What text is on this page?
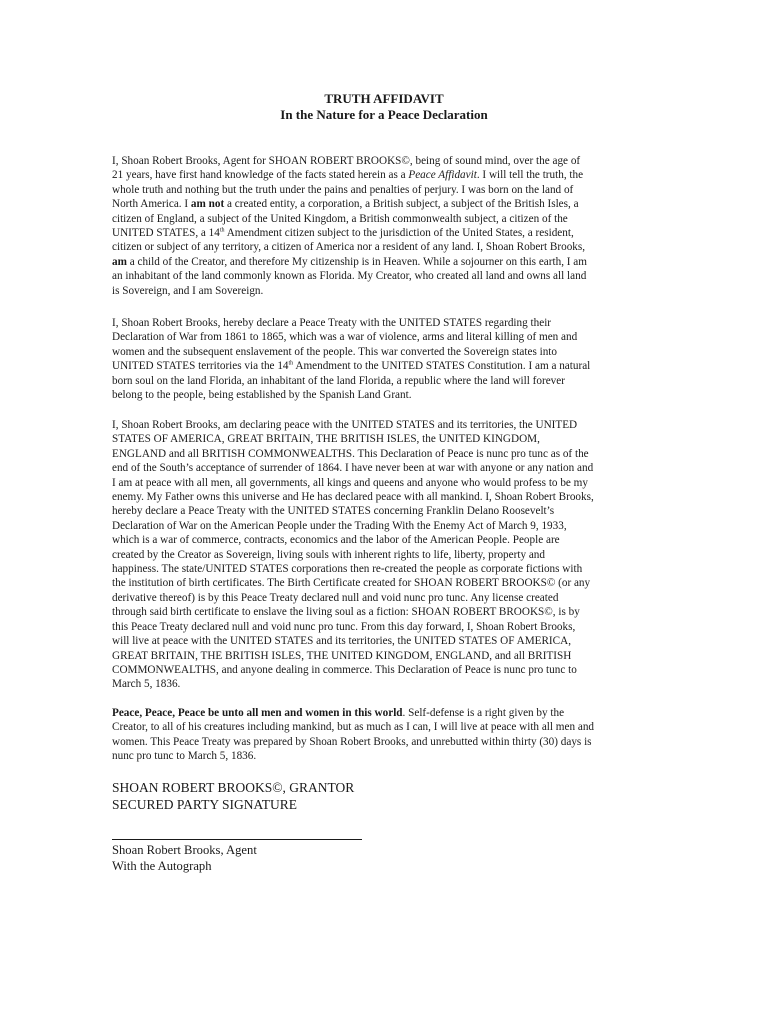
TRUTH AFFIDAVIT
In the Nature for a Peace Declaration
I, Shoan Robert Brooks, Agent for SHOAN ROBERT BROOKS©, being of sound mind, over the age of
21 years, have first hand knowledge of the facts stated herein as a Peace Affidavit. I will tell the truth, the
whole truth and nothing but the truth under the pains and penalties of perjury. I was born on the land of
North America. I am not a created entity, a corporation, a British subject, a subject of the British Isles, a
citizen of England, a subject of the United Kingdom, a British commonwealth subject, a citizen of the
UNITED STATES, a 14th Amendment citizen subject to the jurisdiction of the United States, a resident,
citizen or subject of any territory, a citizen of America nor a resident of any land. I, Shoan Robert Brooks,
am a child of the Creator, and therefore My citizenship is in Heaven. While a sojourner on this earth, I am
an inhabitant of the land commonly known as Florida. My Creator, who created all land and owns all land
is Sovereign, and I am Sovereign.
I, Shoan Robert Brooks, hereby declare a Peace Treaty with the UNITED STATES regarding their
Declaration of War from 1861 to 1865, which was a war of violence, arms and literal killing of men and
women and the subsequent enslavement of the people. This war converted the Sovereign states into
UNITED STATES territories via the 14th Amendment to the UNITED STATES Constitution. I am a natural
born soul on the land Florida, an inhabitant of the land Florida, a republic where the land will forever
belong to the people, being established by the Spanish Land Grant.
I, Shoan Robert Brooks, am declaring peace with the UNITED STATES and its territories, the UNITED
STATES OF AMERICA, GREAT BRITAIN, THE BRITISH ISLES, the UNITED KINGDOM,
ENGLAND and all BRITISH COMMONWEALTHS. This Declaration of Peace is nunc pro tunc as of the
end of the South’s acceptance of surrender of 1864. I have never been at war with anyone or any nation and
I am at peace with all men, all governments, all kings and queens and anyone who would profess to be my
enemy. My Father owns this universe and He has declared peace with all mankind. I, Shoan Robert Brooks,
hereby declare a Peace Treaty with the UNITED STATES concerning Franklin Delano Roosevelt’s
Declaration of War on the American People under the Trading With the Enemy Act of March 9, 1933,
which is a war of commerce, contracts, economics and the labor of the American People. People are
created by the Creator as Sovereign, living souls with inherent rights to life, liberty, property and
happiness. The state/UNITED STATES corporations then re-created the people as corporate fictions with
the institution of birth certificates. The Birth Certificate created for SHOAN ROBERT BROOKS© (or any
derivative thereof) is by this Peace Treaty declared null and void nunc pro tunc. Any license created
through said birth certificate to enslave the living soul as a fiction: SHOAN ROBERT BROOKS©, is by
this Peace Treaty declared null and void nunc pro tunc. From this day forward, I, Shoan Robert Brooks,
will live at peace with the UNITED STATES and its territories, the UNITED STATES OF AMERICA,
GREAT BRITAIN, THE BRITISH ISLES, THE UNITED KINGDOM, ENGLAND, and all BRITISH
COMMONWEALTHS, and anyone dealing in commerce. This Declaration of Peace is nunc pro tunc to
March 5, 1836.
Peace, Peace, Peace be unto all men and women in this world. Self-defense is a right given by the
Creator, to all of his creatures including mankind, but as much as I can, I will live at peace with all men and
women. This Peace Treaty was prepared by Shoan Robert Brooks, and unrebutted within thirty (30) days is
nunc pro tunc to March 5, 1836.
SHOAN ROBERT BROOKS©, GRANTOR
SECURED PARTY SIGNATURE
Shoan Robert Brooks, Agent
With the Autograph
